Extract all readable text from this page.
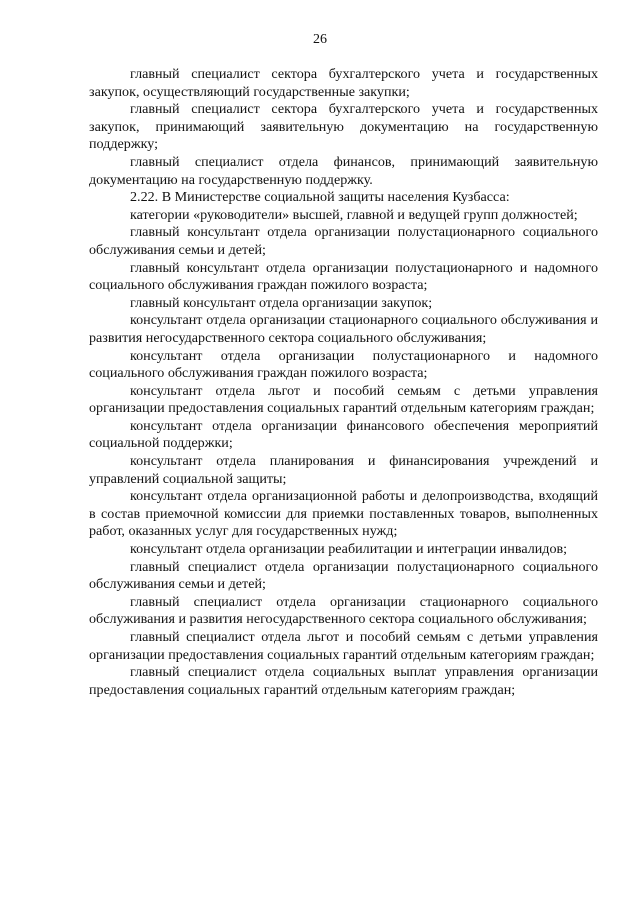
26

главный специалист сектора бухгалтерского учета и государственных закупок, осуществляющий государственные закупки;

главный специалист сектора бухгалтерского учета и государственных закупок, принимающий заявительную документацию на государственную поддержку;

главный специалист отдела финансов, принимающий заявительную документацию на государственную поддержку.

2.22. В Министерстве социальной защиты населения Кузбасса:

категории «руководители» высшей, главной и ведущей групп должностей;

главный консультант отдела организации полустационарного социального обслуживания семьи и детей;

главный консультант отдела организации полустационарного и надомного социального обслуживания граждан пожилого возраста;

главный консультант отдела организации закупок;

консультант отдела организации стационарного социального обслуживания и развития негосударственного сектора социального обслуживания;

консультант отдела организации полустационарного и надомного социального обслуживания граждан пожилого возраста;

консультант отдела льгот и пособий семьям с детьми управления организации предоставления социальных гарантий отдельным категориям граждан;

консультант отдела организации финансового обеспечения мероприятий социальной поддержки;

консультант отдела планирования и финансирования учреждений и управлений социальной защиты;

консультант отдела организационной работы и делопроизводства, входящий в состав приемочной комиссии для приемки поставленных товаров, выполненных работ, оказанных услуг для государственных нужд;

консультант отдела организации реабилитации и интеграции инвалидов;

главный специалист отдела организации полустационарного социального обслуживания семьи и детей;

главный специалист отдела организации стационарного социального обслуживания и развития негосударственного сектора социального обслуживания;

главный специалист отдела льгот и пособий семьям с детьми управления организации предоставления социальных гарантий отдельным категориям граждан;

главный специалист отдела социальных выплат управления организации предоставления социальных гарантий отдельным категориям граждан;
